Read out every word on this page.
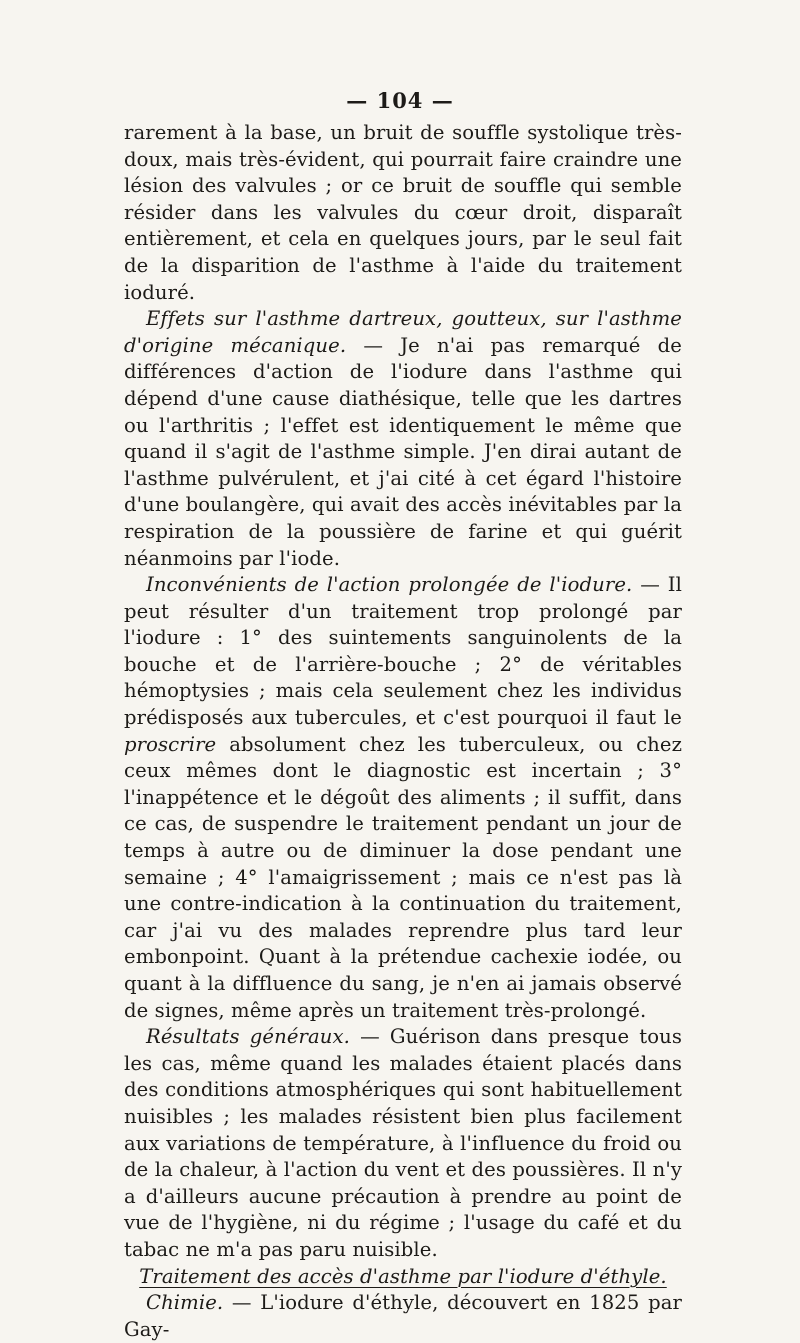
— 104 —

rarement à la base, un bruit de souffle systolique très-doux, mais très-évident, qui pourrait faire craindre une lésion des valvules ; or ce bruit de souffle qui semble résider dans les valvules du cœur droit, disparaît entièrement, et cela en quelques jours, par le seul fait de la disparition de l'asthme à l'aide du traitement ioduré.

Effets sur l'asthme dartreux, goutteux, sur l'asthme d'origine mécanique. — Je n'ai pas remarqué de différences d'action de l'iodure dans l'asthme qui dépend d'une cause diathésique, telle que les dartres ou l'arthritis ; l'effet est identiquement le même que quand il s'agit de l'asthme simple. J'en dirai autant de l'asthme pulvérulent, et j'ai cité à cet égard l'histoire d'une boulangère, qui avait des accès inévitables par la respiration de la poussière de farine et qui guérit néanmoins par l'iode.

Inconvénients de l'action prolongée de l'iodure. — Il peut résulter d'un traitement trop prolongé par l'iodure : 1° des suintements sanguinolents de la bouche et de l'arrière-bouche ; 2° de véritables hémoptysies ; mais cela seulement chez les individus prédisposés aux tubercules, et c'est pourquoi il faut le proscrire absolument chez les tuberculeux, ou chez ceux mêmes dont le diagnostic est incertain ; 3° l'inappétence et le dégoût des aliments ; il suffit, dans ce cas, de suspendre le traitement pendant un jour de temps à autre ou de diminuer la dose pendant une semaine ; 4° l'amaigrissement ; mais ce n'est pas là une contre-indication à la continuation du traitement, car j'ai vu des malades reprendre plus tard leur embonpoint. Quant à la prétendue cachexie iodée, ou quant à la diffluence du sang, je n'en ai jamais observé de signes, même après un traitement très-prolongé.

Résultats généraux. — Guérison dans presque tous les cas, même quand les malades étaient placés dans des conditions atmosphériques qui sont habituellement nuisibles ; les malades résistent bien plus facilement aux variations de température, à l'influence du froid ou de la chaleur, à l'action du vent et des poussières. Il n'y a d'ailleurs aucune précaution à prendre au point de vue de l'hygiène, ni du régime ; l'usage du café et du tabac ne m'a pas paru nuisible.

Traitement des accès d'asthme par l'iodure d'éthyle.

Chimie. — L'iodure d'éthyle, découvert en 1825 par Gay-
